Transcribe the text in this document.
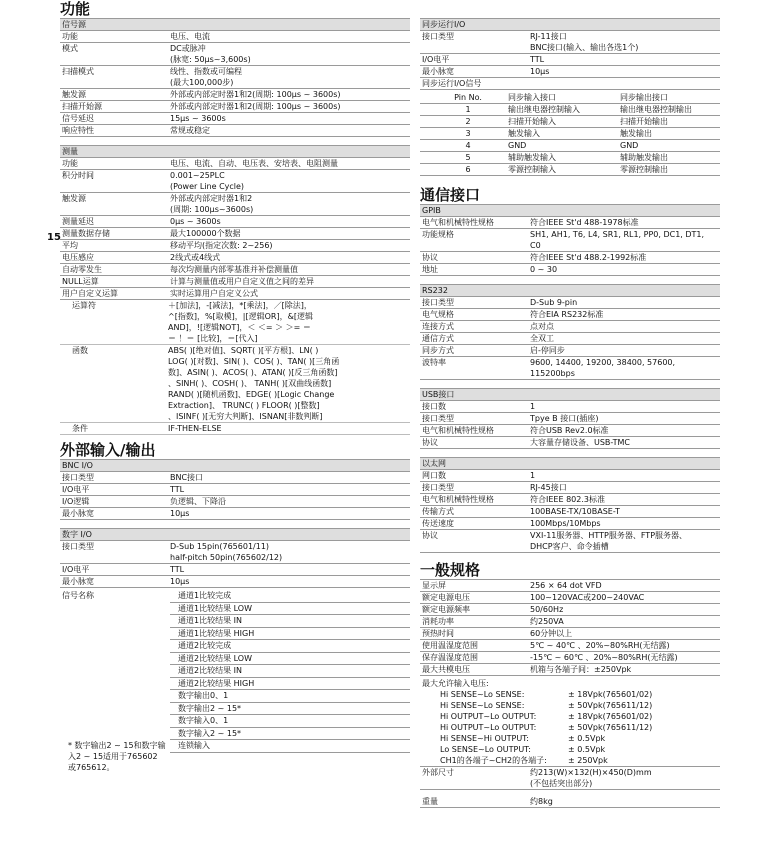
15
功能
信号源
功能	电压、电流
模式	DC或脉冲
(脉宽: 50μs~3,600s)
扫描模式	线性、指数或可编程
(最大100,000步)
触发源	外部或内部定时器1和2(周期: 100μs ~ 3600s)
扫描开始源	外部或内部定时器1和2(周期: 100μs ~ 3600s)
信号延迟	15μs ~ 3600s
响应特性	常规或稳定
测量
功能	电压、电流、自动、电压表、安培表、电阻测量
积分时间	0.001~25PLC
(Power Line Cycle)
触发源	外部或内部定时器1和2
(周期: 100μs~3600s)
测量延迟	0μs ~ 3600s
测量数据存储	最大100000个数据
平均	移动平均(指定次数: 2~256)
电压感应	2线式或4线式
自动零发生	每次均测量内部零基准并补偿测量值
NULL运算	计算与测量值或用户自定义值之间的差异
用户自定义运算	实时运算用户自定义公式
运算符	＋[加法]，-[减法]，*[乘法]，／[除法]，
^[指数]，%[取模]，|[逻辑OR]，&[逻辑
AND]，![逻辑NOT]，＜ ＜= ＞ ＞= ＝
＝ ！＝ [比较]，＝[代入]
函数	ABS( )[绝对值]、SQRT( )[平方根]、LN( )
LOG( )[对数]、SIN( )、COS( )、TAN( )[三角函
数]、ASIN( )、ACOS( )、ATAN( )[反三角函数]
、SINH( )、COSH( )、 TANH( )[双曲线函数]
RAND( )[随机函数]、EDGE( )[Logic Change
Extraction]、 TRUNC( ) FLOOR( )[整数]
、ISINF( )[无穷大判断]、ISNAN[非数判断]
条件	IF-THEN-ELSE
外部输入/输出
BNC I/O
接口类型	BNC接口
I/O电平	TTL
I/O逻辑	负逻辑、下降沿
最小脉宽	10μs
数字 I/O
接口类型	D-Sub 15pin(765601/11)
half-pitch 50pin(765602/12)
I/O电平	TTL
最小脉宽	10μs
信号名称	通道1比较完成
通道1比较结果 LOW
通道1比较结果 IN
通道1比较结果 HIGH
通道2比较完成
通道2比较结果 LOW
通道2比较结果 IN
通道2比较结果 HIGH
数字输出0、1
数字输出2 ~ 15*
数字输入0、1
数字输入2 ~ 15*
连锁输入
* 数字输出2 ~ 15和数字输
入2 ~ 15适用于765602
或765612。
同步运行I/O
接口类型	RJ-11接口
BNC接口(输入、输出各选1个)
I/O电平	TTL
最小脉宽	10μs
同步运行I/O信号
Pin No.	同步输入接口	同步输出接口
1	输出继电器控制输入	输出继电器控制输出
2	扫描开始输入	扫描开始输出
3	触发输入	触发输出
4	GND	GND
5	辅助触发输入	辅助触发输出
6	零源控制输入	零源控制输出
通信接口
GPIB
电气和机械特性规格	符合IEEE St'd 488-1978标准
功能规格	SH1, AH1, T6, L4, SR1, RL1, PP0, DC1, DT1,
C0
协议	符合IEEE St'd 488.2-1992标准
地址	0 ~ 30
RS232
接口类型	D-Sub 9-pin
电气规格	符合EIA RS232标准
连接方式	点对点
通信方式	全双工
同步方式	启-停同步
波特率	9600, 14400, 19200, 38400, 57600, 115200bps
USB接口
接口数	1
接口类型	Tpye B 接口(插座)
电气和机械特性规格	符合USB Rev2.0标准
协议	大容量存储设备、USB-TMC
以太网
网口数	1
接口类型	RJ-45接口
电气和机械特性规格	符合IEEE 802.3标准
传输方式	100BASE-TX/10BASE-T
传送速度	100Mbps/10Mbps
协议	VXI-11服务器、HTTP服务器、FTP服务器、
DHCP客户、命令插槽
一般规格
显示屏	256 × 64 dot VFD
额定电源电压	100~120VAC或200~240VAC
额定电源频率	50/60Hz
消耗功率	约250VA
预热时间	60分钟以上
使用温湿度范围	5℃ ~ 40℃ 、20%~80%RH(无结露)
保存温湿度范围	-15℃ ~ 60℃ 、20%~80%RH(无结露)
最大共模电压	机箱与各端子间：±250Vpk
最大允许输入电压:
Hi SENSE~Lo SENSE:	± 18Vpk(765601/02)
Hi SENSE~Lo SENSE:	± 50Vpk(765611/12)
Hi OUTPUT~Lo OUTPUT:	± 18Vpk(765601/02)
Hi OUTPUT~Lo OUTPUT:	± 50Vpk(765611/12)
Hi SENSE~Hi OUTPUT:	± 0.5Vpk
Lo SENSE~Lo OUTPUT:	± 0.5Vpk
CH1的各端子~CH2的各端子:	± 250Vpk
外部尺寸	约213(W)×132(H)×450(D)mm
(不包括突出部分)
重量	约8kg
